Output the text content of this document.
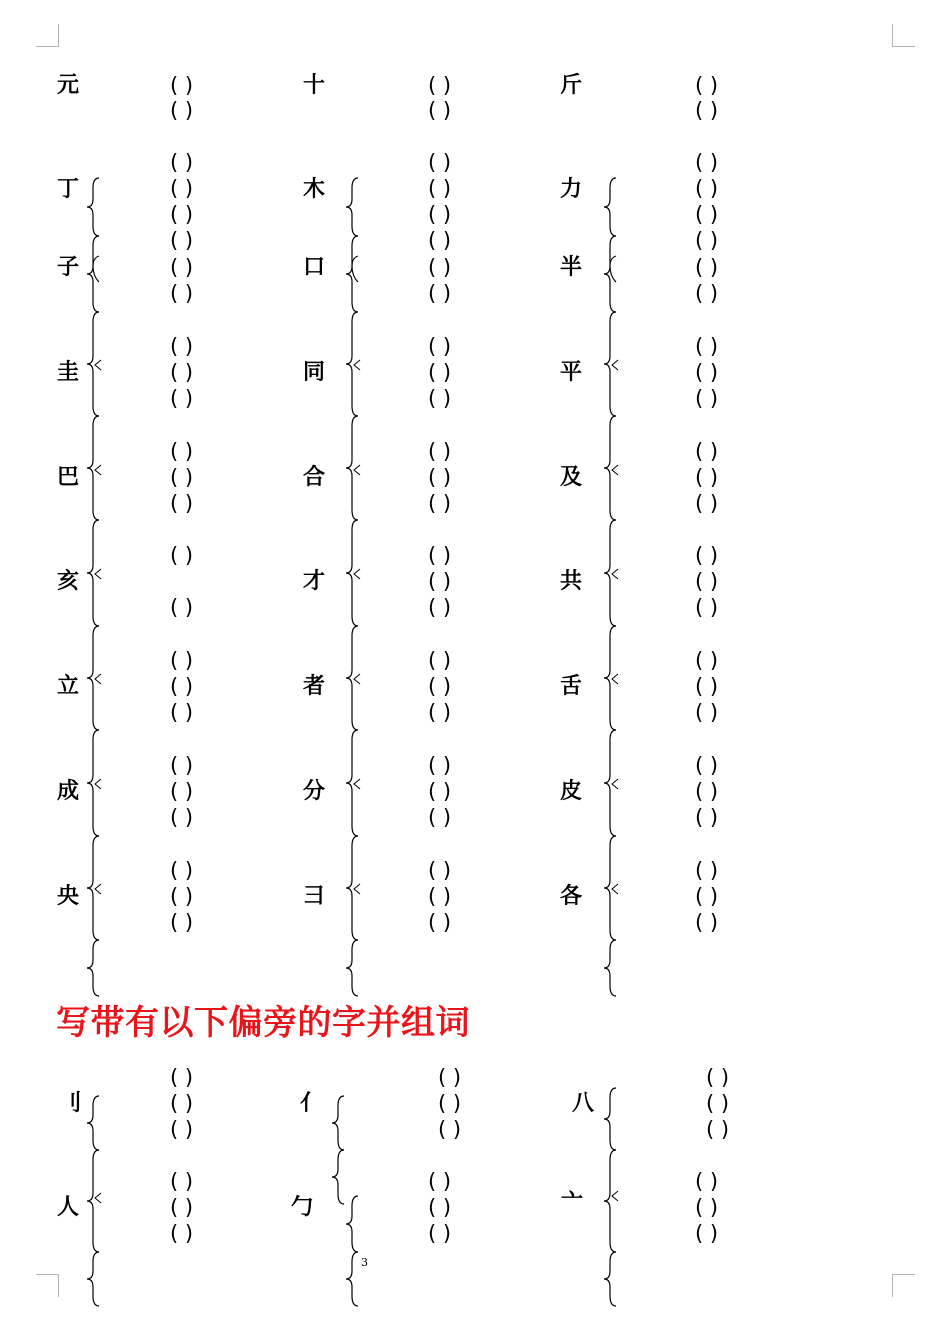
元
丁
子
圭
巴
亥
立
成
央
十
木
口
同
合
才
者
分
彐
斤
力
半
平
及
共
舌
皮
各
写带有以下偏旁的字并组词
刂
人
亻
勹
八
亠
( )
( )
( )
( )
( )
( )
( )
( )
( )
( )
( )
( )
( )
( )
( )
( )
( )
( )
( )
( )
( )
( )
( )
( )
( )
( )
( )
( )
( )
( )
( )
( )
( )
( )
( )
( )
( )
( )
( )
( )
( )
( )
( )
( )
( )
( )
( )
( )
( )
( )
( )
( )
( )
( )
( )
( )
( )
( )
( )
( )
( )
( )
( )
( )
( )
( )
( )
( )
( )
( )
( )
( )
( )
( )
( )
( )
( )
( )
( )
( )
( )
( )
( )
( )
( )
( )
( )
( )
( )
( )
( )
( )
( )
( )
( )
3
